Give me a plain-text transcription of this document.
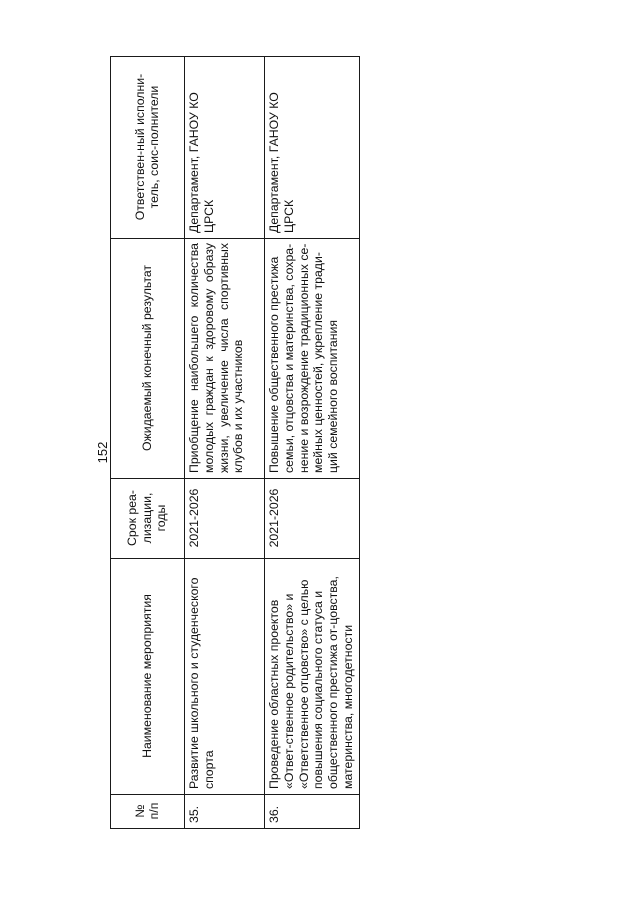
152
№ п/п	Наименование мероприятия	Срок реа-лизации, годы	Ожидаемый конечный результат	Ответствен-ный исполни-тель, соис-полнители
35.	Развитие школьного и студенческого спорта	2021-2026	Приобщение наибольшего количества молодых граждан к здоровому образу жизни, увеличение числа спортивных клубов и их участников	Департамент, ГАНОУ КО ЦРСК
36.	Проведение областных проектов «Ответ-ственное родительство» и «Ответственное отцовство» с целью повышения социального статуса и общественного престижа от-цовства, материнства, многодетности	2021-2026	Повышение общественного престижа семьи, отцовства и материнства, сохра-нение и возрождение традиционных се-мейных ценностей, укрепление тради-ций семейного воспитания	Департамент, ГАНОУ КО ЦРСК
